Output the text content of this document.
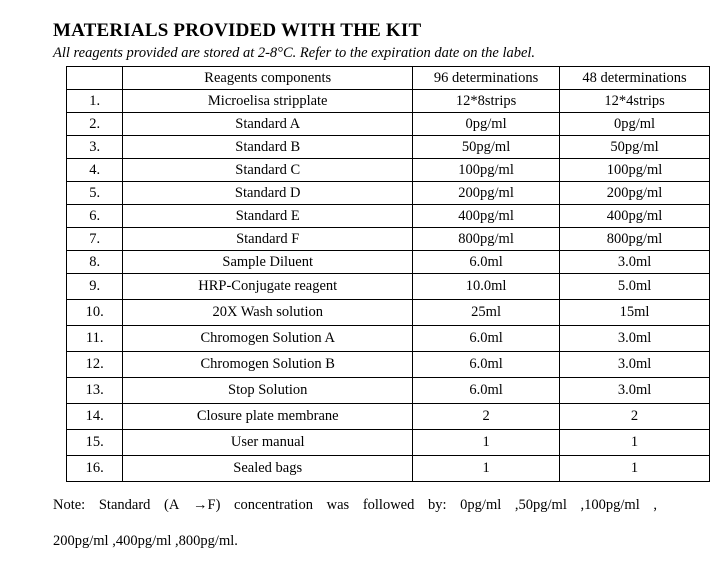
MATERIALS PROVIDED WITH THE KIT
All reagents provided are stored at 2-8°C. Refer to the expiration date on the label.
	Reagents components	96 determinations	48 determinations
1.	Microelisa stripplate	12*8strips	12*4strips
2.	Standard A	0pg/ml	0pg/ml
3.	Standard B	50pg/ml	50pg/ml
4.	Standard C	100pg/ml	100pg/ml
5.	Standard D	200pg/ml	200pg/ml
6.	Standard E	400pg/ml	400pg/ml
7.	Standard F	800pg/ml	800pg/ml
8.	Sample Diluent	6.0ml	3.0ml
9.	HRP-Conjugate reagent	10.0ml	5.0ml
10.	20X Wash solution	25ml	15ml
11.	Chromogen Solution A	6.0ml	3.0ml
12.	Chromogen Solution B	6.0ml	3.0ml
13.	Stop Solution	6.0ml	3.0ml
14.	Closure plate membrane	2	2
15.	User manual	1	1
16.	Sealed bags	1	1
Note: Standard (A →F) concentration was followed by: 0pg/ml ,50pg/ml ,100pg/ml ,
200pg/ml ,400pg/ml ,800pg/ml.
